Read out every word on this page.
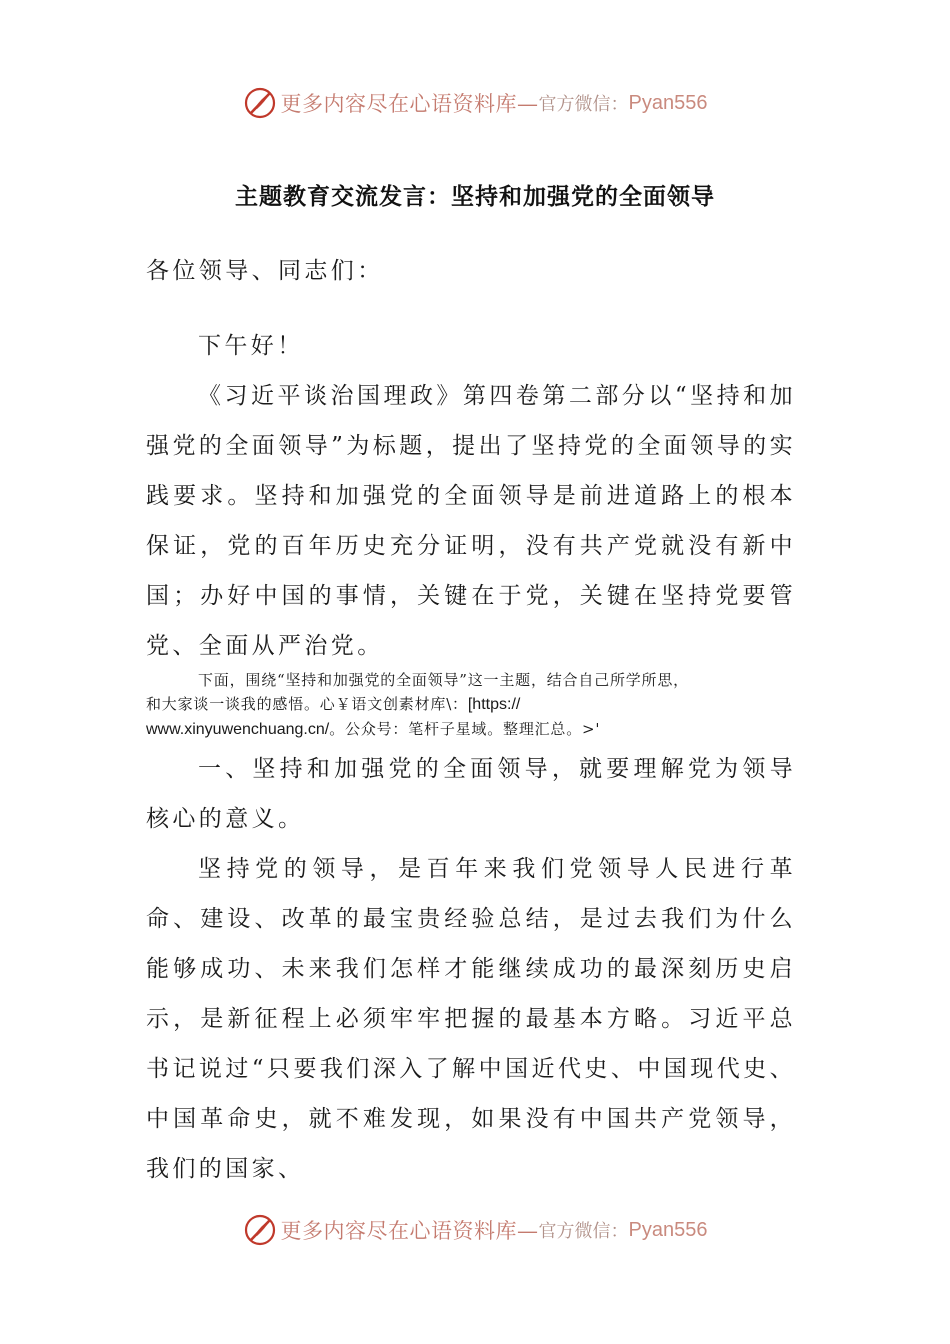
更多内容尽在心语资料库— 官方微信： Pyan556
主题教育交流发言：坚持和加强党的全面领导

各位领导、同志们：

下午好！

《习近平谈治国理政》第四卷第二部分以“坚持和加强党的全面领导”为标题，提出了坚持党的全面领导的实践要求。坚持和加强党的全面领导是前进道路上的根本保证，党的百年历史充分证明，没有共产党就没有新中国；办好中国的事情，关键在于党，关键在坚持党要管党、全面从严治党。

下面，围绕“坚持和加强党的全面领导”这一主题，结合自己所学所思，

和大家谈一谈我的感悟。心￥语文创素材库\：[https://

www.xinyuwenchuang.cn/。公众号：笔杆子星域。整理汇总。>'

一、坚持和加强党的全面领导，就要理解党为领导核心的意义。

坚持党的领导，是百年来我们党领导人民进行革命、建设、改革的最宝贵经验总结，是过去我们为什么能够成功、未来我们怎样才能继续成功的最深刻历史启示，是新征程上必须牢牢把握的最基本方略。习近平总书记说过“只要我们深入了解中国近代史、中国现代史、中国革命史，就不难发现，如果没有中国共产党领导，我们的国家、

更多内容尽在心语资料库— 官方微信： Pyan556
